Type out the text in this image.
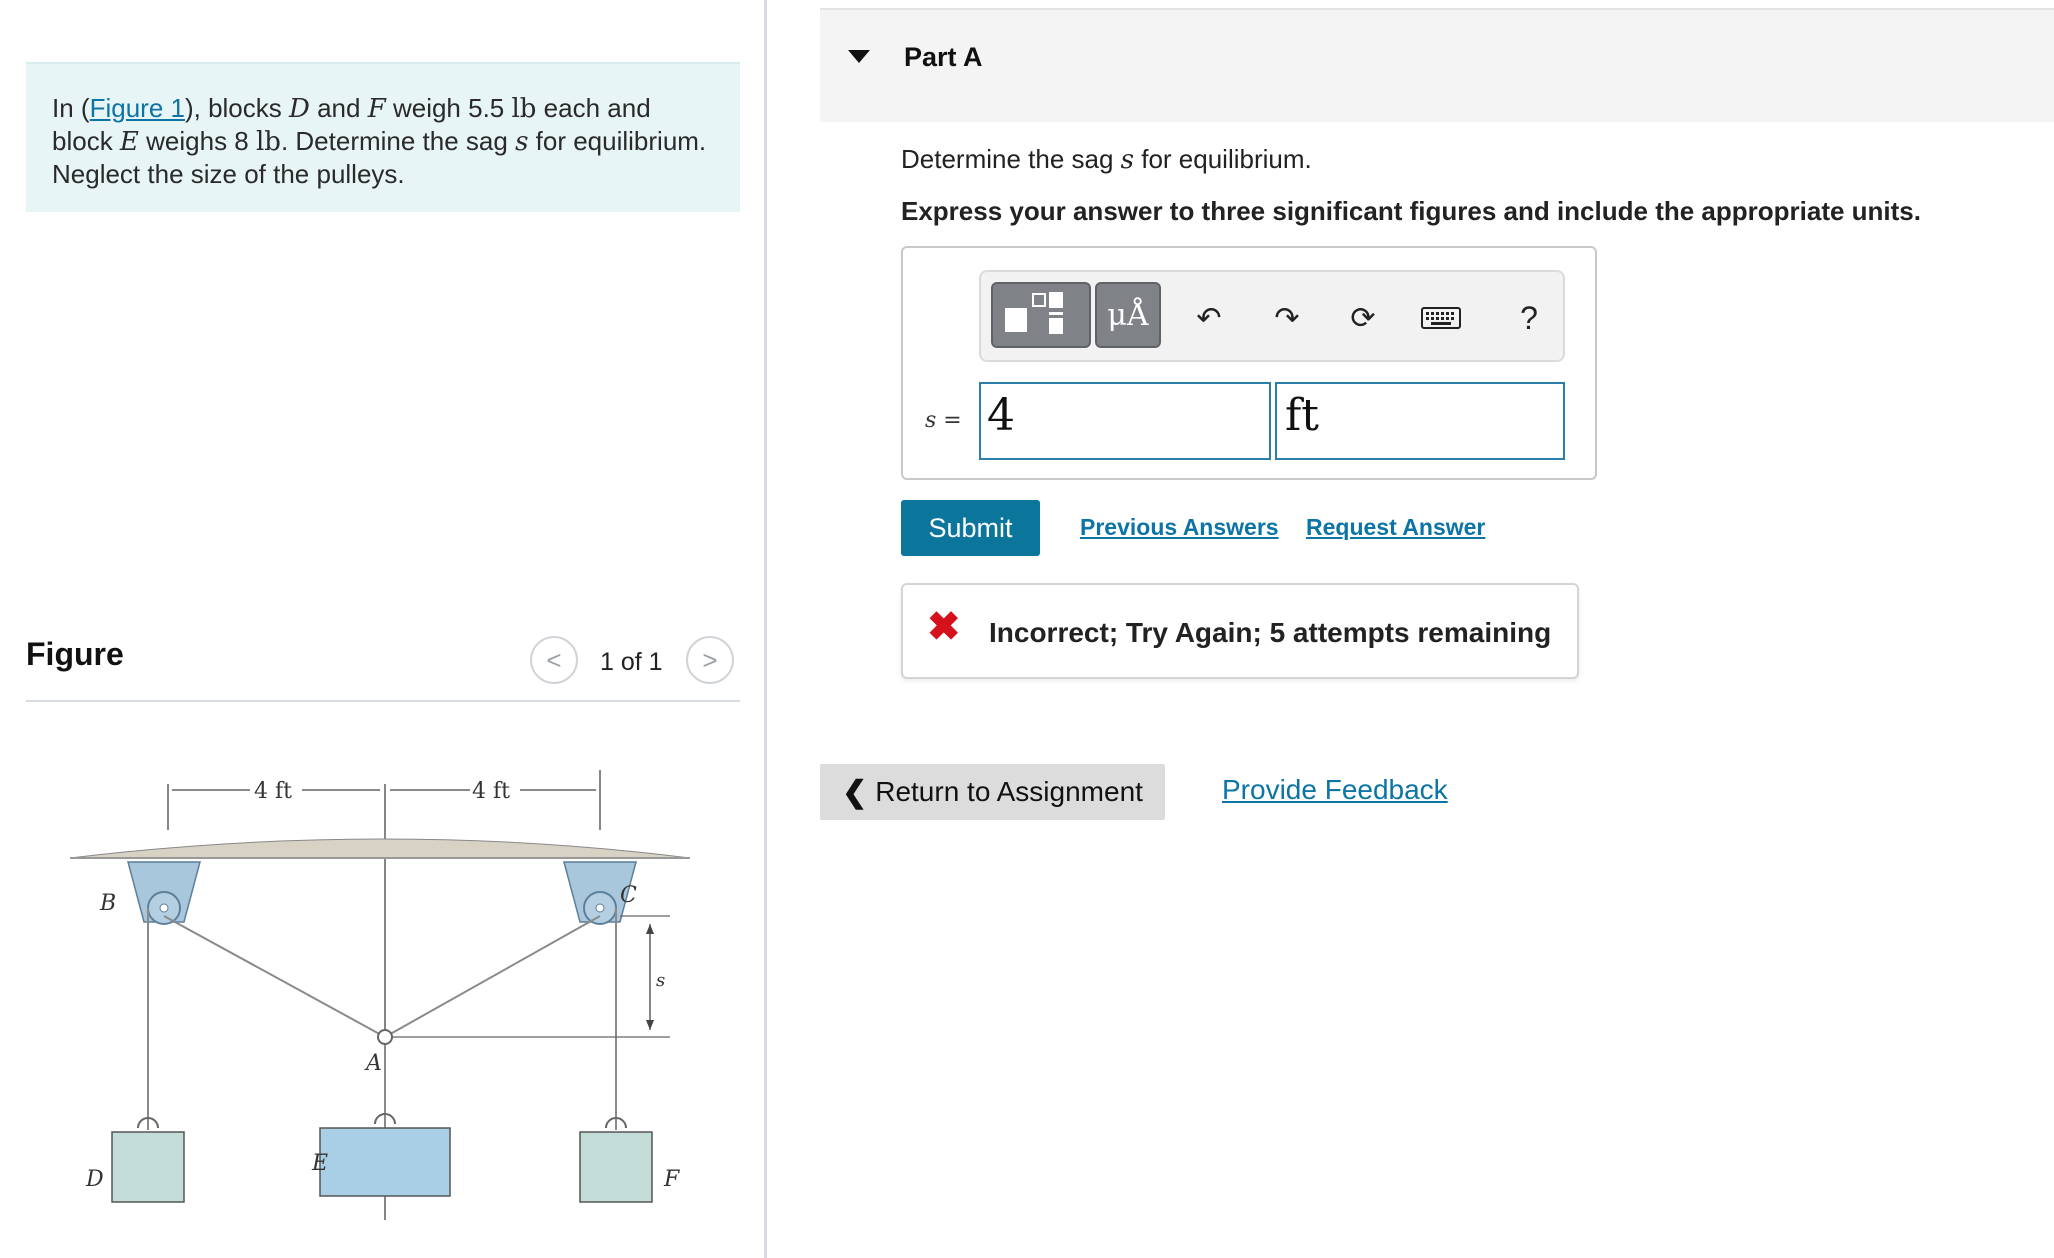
In (Figure 1), blocks D and F weigh 5.5 lb each and block E weighs 8 lb. Determine the sag s for equilibrium. Neglect the size of the pulleys.
Figure	< 1 of 1 >
4 ft	4 ft
B	C
A
s
D
E
F
Part A
Determine the sag s for equilibrium.
Express your answer to three significant figures and include the appropriate units.
μÅ	↶	↷	⟳	?
s = 4	ft
Submit	Previous Answers Request Answer
✖ Incorrect; Try Again; 5 attempts remaining
❮ Return to Assignment	Provide Feedback
